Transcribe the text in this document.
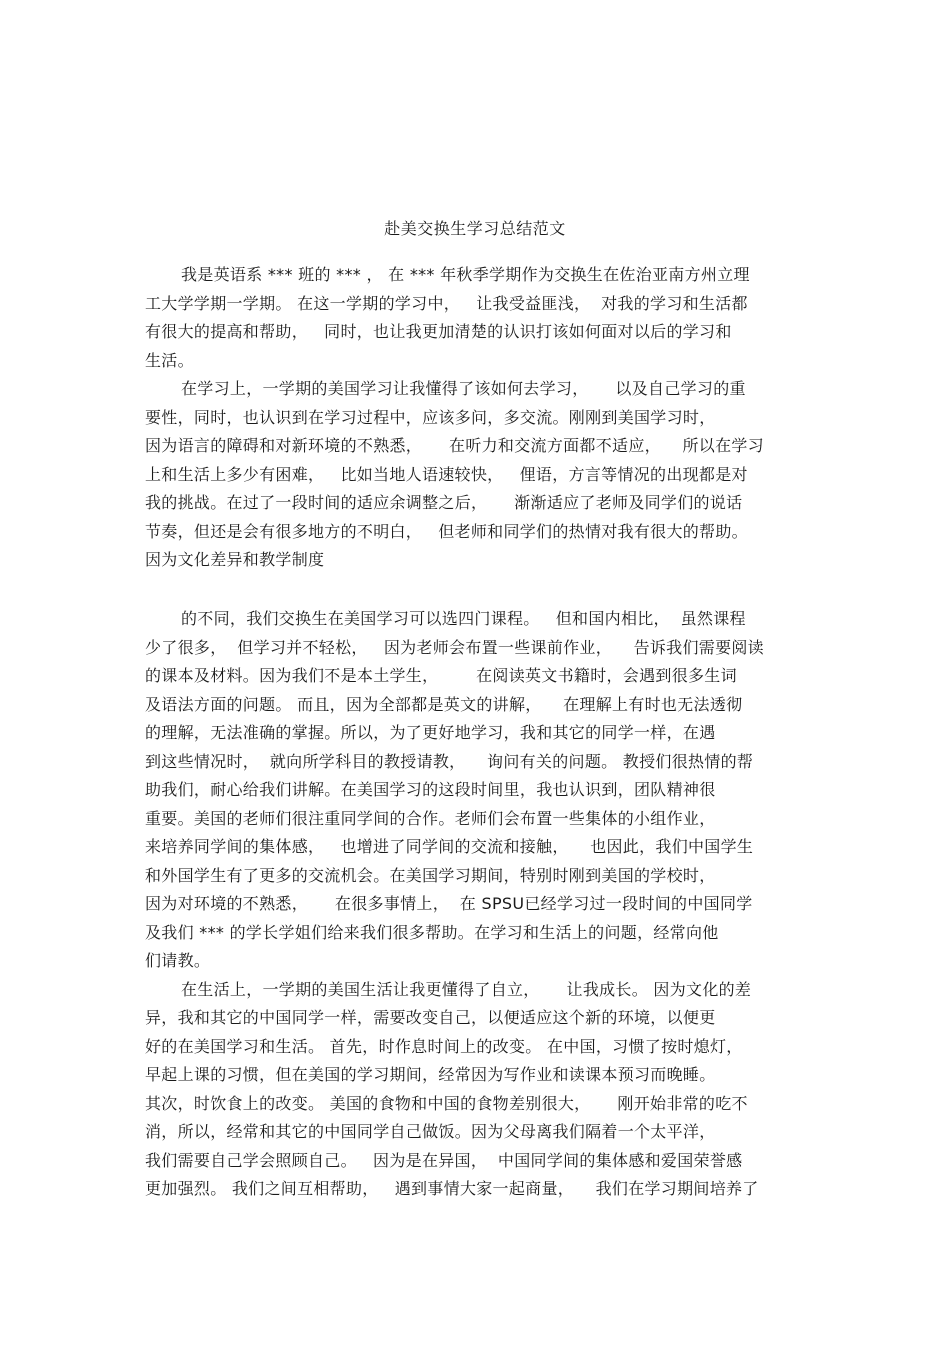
赴美交换生学习总结范文
我是英语系 *** 班的 *** ， 在 *** 年秋季学期作为交换生在佐治亚南方州立理
工大学学期一学期。 在这一学期的学习中，   让我受益匪浅，  对我的学习和生活都
有很大的提高和帮助，   同时，也让我更加清楚的认识打该如何面对以后的学习和
生活。
在学习上，一学期的美国学习让我懂得了该如何去学习，     以及自己学习的重
要性，同时，也认识到在学习过程中，应该多问，多交流。刚刚到美国学习时，
因为语言的障碍和对新环境的不熟悉，     在听力和交流方面都不适应，    所以在学习
上和生活上多少有困难，   比如当地人语速较快，   俚语，方言等情况的出现都是对
我的挑战。在过了一段时间的适应余调整之后，     渐渐适应了老师及同学们的说话
节奏，但还是会有很多地方的不明白，   但老师和同学们的热情对我有很大的帮助。
因为文化差异和教学制度
的不同，我们交换生在美国学习可以选四门课程。   但和国内相比，  虽然课程
少了很多，  但学习并不轻松，   因为老师会布置一些课前作业，    告诉我们需要阅读
的课本及材料。因为我们不是本土学生，       在阅读英文书籍时，会遇到很多生词
及语法方面的问题。 而且，因为全部都是英文的讲解，    在理解上有时也无法透彻
的理解，无法准确的掌握。所以，为了更好地学习，我和其它的同学一样，在遇
到这些情况时，  就向所学科目的教授请教，    询问有关的问题。 教授们很热情的帮
助我们，耐心给我们讲解。在美国学习的这段时间里，我也认识到，团队精神很
重要。美国的老师们很注重同学间的合作。老师们会布置一些集体的小组作业，
来培养同学间的集体感，   也增进了同学间的交流和接触，    也因此，我们中国学生
和外国学生有了更多的交流机会。在美国学习期间，特别时刚到美国的学校时，
因为对环境的不熟悉，     在很多事情上，  在 SPSU已经学习过一段时间的中国同学
及我们 *** 的学长学姐们给来我们很多帮助。在学习和生活上的问题，经常向他
们请教。
在生活上，一学期的美国生活让我更懂得了自立，     让我成长。 因为文化的差
异，我和其它的中国同学一样，需要改变自己，以便适应这个新的环境，以便更
好的在美国学习和生活。 首先，时作息时间上的改变。 在中国，习惯了按时熄灯，
早起上课的习惯，但在美国的学习期间，经常因为写作业和读课本预习而晚睡。
其次，时饮食上的改变。 美国的食物和中国的食物差别很大，     刚开始非常的吃不
消，所以，经常和其它的中国同学自己做饭。因为父母离我们隔着一个太平洋，
我们需要自己学会照顾自己。   因为是在异国，  中国同学间的集体感和爱国荣誉感
更加强烈。 我们之间互相帮助，   遇到事情大家一起商量，    我们在学习期间培养了
